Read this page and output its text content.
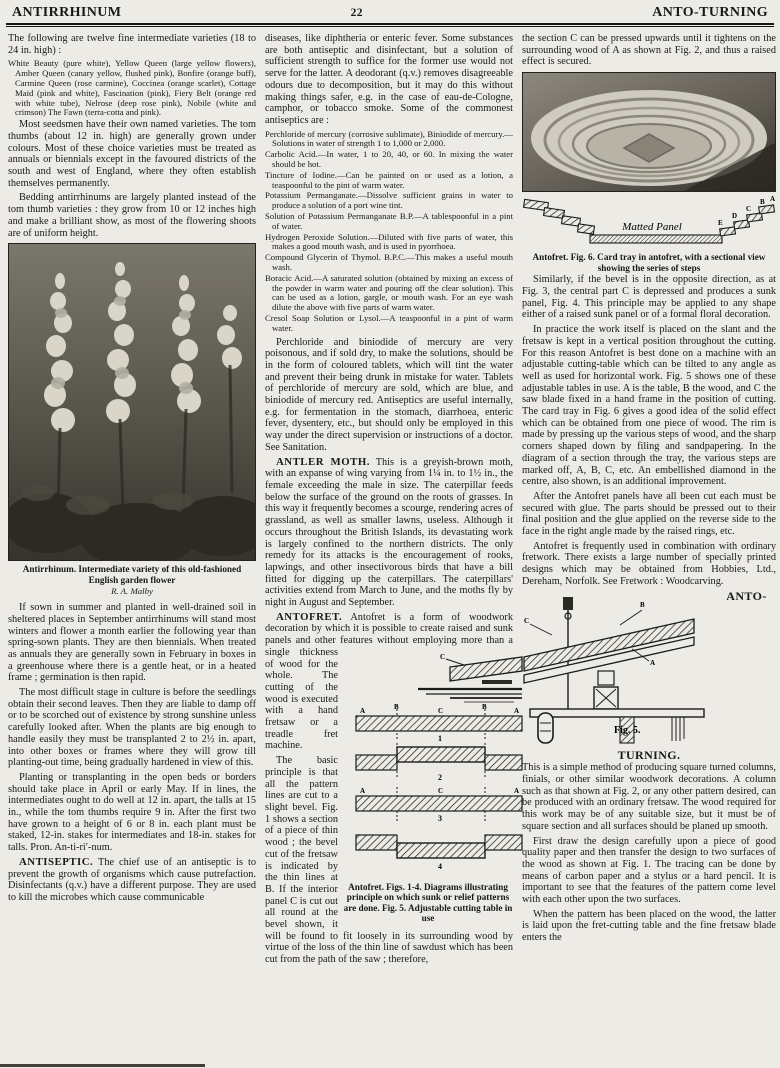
ANTIRRHINUM	22	ANTO-TURNING

The following are twelve fine intermediate varieties (18 to 24 in. high) :

White Beauty (pure white), Yellow Queen (large yellow flowers), Amber Queen (canary yellow, flushed pink), Bonfire (orange buff), Carmine Queen (rose carmine), Coccinea (orange scarlet), Cottage Maid (pink and white), Fascination (pink), Fiery Belt (orange red with white tube), Nelrose (deep rose pink), Nobile (white and crimson) The Fawn (terra-cotta and pink).

Most seedsmen have their own named varieties. The tom thumbs (about 12 in. high) are generally grown under colours. Most of these choice varieties must be treated as annuals or biennials except in the favoured districts of the south and west of England, where they often establish themselves permanently.

Bedding antirrhinums are largely planted instead of the tom thumb varieties : they grow from 10 or 12 inches high and make a brilliant show, as most of the flowering shoots are of uniform height.

Antirrhinum. Intermediate variety of this old-fashioned English garden flower

R. A. Malby

If sown in summer and planted in well-drained soil in sheltered places in September antirrhinums will stand most winters and flower a month earlier the following year than spring-sown plants. They are then biennials. When treated as annuals they are generally sown in February in boxes in a greenhouse where there is a gentle heat, or in a heated frame ; germination is then rapid.

The most difficult stage in culture is before the seedlings obtain their second leaves. Then they are liable to damp off or to be scorched out of existence by strong sunshine unless carefully looked after. When the plants are big enough to handle easily they must be transplanted 2 to 2½ in. apart, into other boxes or frames where they will grow till planting-out time, being gradually hardened in view of this.

Planting or transplanting in the open beds or borders should take place in April or early May. If in lines, the intermediates ought to do well at 12 in. apart, the talls at 15 in., while the tom thumbs require 9 in. After the first two have grown to a height of 6 or 8 in. each plant must be staked, 12-in. stakes for intermediates and 18-in. stakes for talls. Pron. An-ti-ri′-num.

ANTISEPTIC. The chief use of an antiseptic is to prevent the growth of organisms which cause putrefaction. Disinfectants (q.v.) have a different purpose. They are used to kill the microbes which cause communicable

diseases, like diphtheria or enteric fever. Some substances are both antiseptic and disinfectant, but a solution of sufficient strength to suffice for the former use would not serve for the latter. A deodorant (q.v.) removes disagreeable odours due to decomposition, but it may do this without making things safer, e.g. in the case of eau-de-Cologne, camphor, or tobacco smoke. Some of the commonest antiseptics are :

Perchloride of mercury (corrosive sublimate), Biniodide of mercury.—Solutions in water of strength 1 to 1,000 or 2,000.

Carbolic Acid.—In water, 1 to 20, 40, or 60. In mixing the water should be hot.

Tincture of Iodine.—Can be painted on or used as a lotion, a teaspoonful to the pint of warm water.

Potassium Permanganate.—Dissolve sufficient grains in water to produce a solution of a port wine tint.

Solution of Potassium Permanganate B.P.—A tablespoonful in a pint of water.

Hydrogen Peroxide Solution.—Diluted with five parts of water, this makes a good mouth wash, and is used in pyorrhoea.

Compound Glycerin of Thymol. B.P.C.—This makes a useful mouth wash.

Boracic Acid.—A saturated solution (obtained by mixing an excess of the powder in warm water and pouring off the clear solution). This can be used as a lotion, gargle, or mouth wash. For an eye wash dilute the above with five parts of warm water.

Cresol Soap Solution or Lysol.—A teaspoonful in a pint of warm water.

Perchloride and biniodide of mercury are very poisonous, and if sold dry, to make the solutions, should be in the form of coloured tablets, which will tint the water and prevent their being drunk in mistake for water. Tablets of perchloride of mercury are sold, which are blue, and biniodide of mercury red. Antiseptics are useful internally, e.g. for fermentation in the stomach, diarrhoea, enteric fever, dysentery, etc., but should only be employed in this way under the direct supervision or instructions of a doctor. See Sanitation.

ANTLER MOTH. This is a greyish-brown moth, with an expanse of wing varying from 1¼ in. to 1½ in., the female exceeding the male in size. The caterpillar feeds below the surface of the ground on the roots of grasses. In this way it frequently becomes a scourge, rendering acres of grassland, as well as smaller lawns, useless. Although it occurs throughout the British Islands, its devastating work is largely confined to the northern districts. The only remedy for its attacks is the encouragement of rooks, lapwings, and other insectivorous birds that have a bill fitted for digging up the caterpillars. The caterpillars' activities extend from March to June, and the moths fly by night in August and September.

ANTOFRET. Antofret is a form of woodwork decoration by which it is possible to create raised and sunk panels and other features without employing
C
A	B	C	B	A
1
2
A	C	A
3
4
Antofret. Figs. 1-4. Diagrams illustrating principle on which sunk or relief patterns are done. Fig. 5. Adjustable cutting table in use
more than a single thickness of wood for the whole. The cutting of the wood is executed with a hand fretsaw or a treadle fret machine.

The basic principle is that all the pattern lines are cut to a slight bevel. Fig. 1 shows a section of a piece of thin wood ; the bevel cut of the fretsaw is indicated by the thin lines at B. If the interior panel C is cut out all round at the bevel shown, it will be found to fit loosely in its surrounding wood by virtue of the loss of the thin line of sawdust which has been cut from the path of the saw ; therefore,

the section C can be pressed upwards until it tightens on the surrounding wood of A as shown at Fig. 2, and thus a raised effect is secured.

Matted Panel	E
D
C
B A

Antofret. Fig. 6. Card tray in antofret, with a sectional view showing the series of steps

Similarly, if the bevel is in the opposite direction, as at Fig. 3, the central part C is depressed and produces a sunk panel, Fig. 4. This principle may be applied to any shape either of a raised sunk panel or of a formal floral decoration.

In practice the work itself is placed on the slant and the fretsaw is kept in a vertical position throughout the cutting. For this reason Antofret is best done on a machine with an adjustable cutting-table which can be tilted to any angle as well as used for horizontal work. Fig. 5 shows one of these adjustable tables in use. A is the table, B the wood, and C the saw blade fixed in a hand frame in the position of cutting. The card tray in Fig. 6 gives a good idea of the solid effect which can be obtained from one piece of wood. The rim is made by pressing up the various steps of wood, and the sharp corners shaped down by filing and sandpapering. In the diagram of a section through the tray, the various steps are marked off, A, B, C, etc. An embellished diamond in the centre, also shown, is an additional improvement.

After the Antofret panels have all been cut each must be secured with glue. The parts should be pressed out to their final position and the glue applied on the reverse side to the face in the right angle made by the raised rings, etc.

Antofret is frequently used in combination with ordinary fretwork. There exists a large number of specially printed designs which may be obtained from Hobbies, Ltd., Dereham, Norfolk. See Fretwork : Woodcarving.

C
B
A
Fig. 5.

ANTO-TURNING.

This is a simple method of producing square turned columns, finials, or other similar woodwork decorations. A column such as that shown at Fig. 2, or any other pattern desired, can be produced with an ordinary fretsaw. The wood required for this work may be of any suitable size, but it must be of square section and all surfaces should be planed up smooth.

First draw the design carefully upon a piece of good quality paper and then transfer the design to two surfaces of the wood as shown at Fig. 1. The tracing can be done by means of carbon paper and a stylus or a hard pencil. It is important to see that the features of the pattern come level with each other upon the two surfaces.

When the pattern has been placed on the wood, the latter is laid upon the fret-cutting table and the fine fretsaw blade enters the
